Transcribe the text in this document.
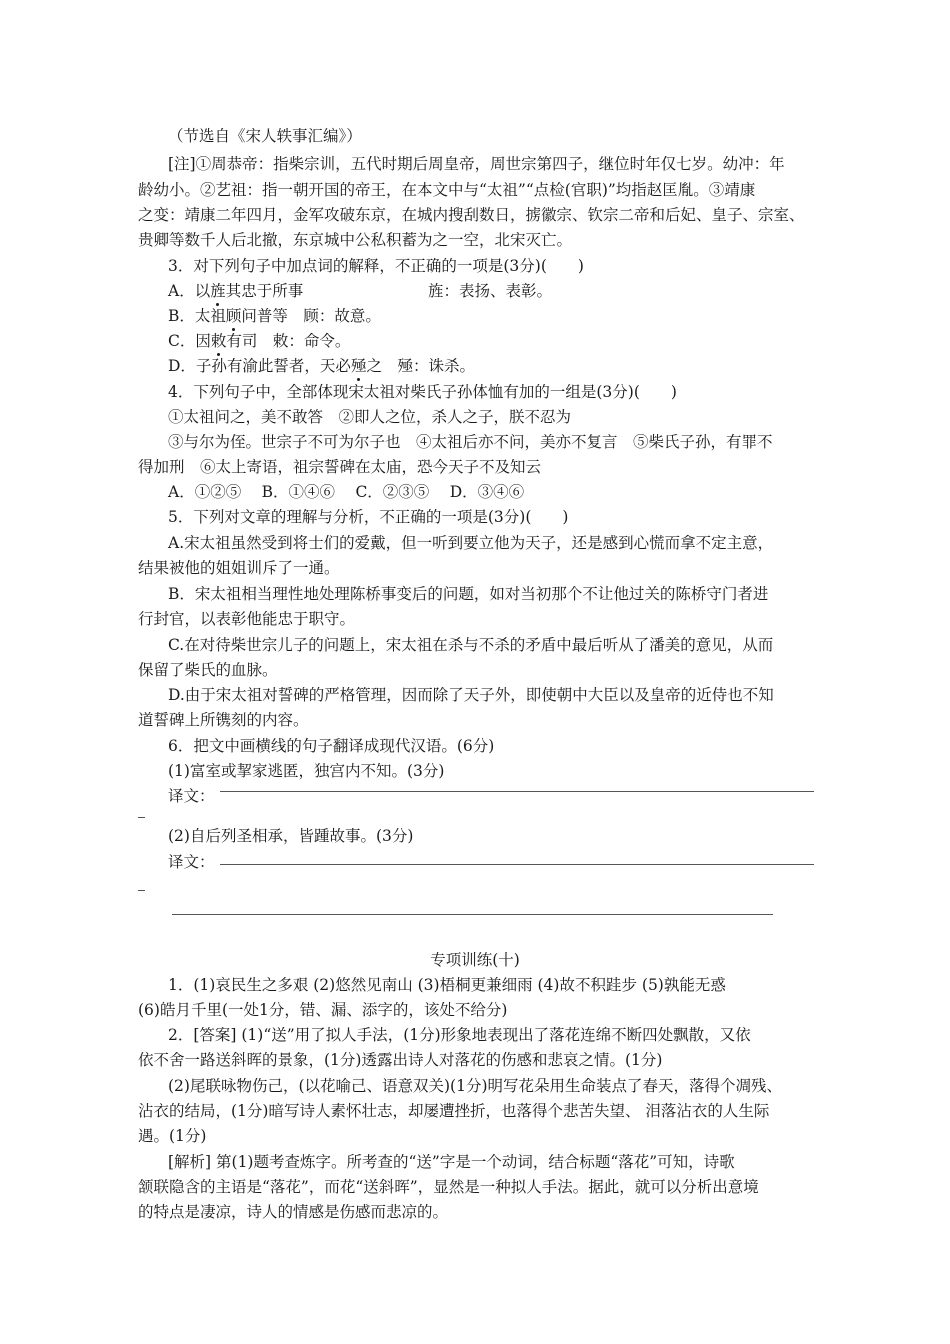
（节选自《宋人轶事汇编》）
[注]①周恭帝：指柴宗训，五代时期后周皇帝，周世宗第四子，继位时年仅七岁。幼冲：年
龄幼小。②艺祖：指一朝开国的帝王，在本文中与“太祖”“点检(官职)”均指赵匡胤。③靖康
之变：靖康二年四月，金军攻破东京，在城内搜刮数日，掳徽宗、钦宗二帝和后妃、皇子、宗室、
贵卿等数千人后北撤，东京城中公私积蓄为之一空，北宋灭亡。
3．对下列句子中加点词的解释，不正确的一项是(3分)(　　)
A．以旌其忠于所事	旌：表扬、表彰。
B．太祖顾问普等　顾：故意。
C．因敕有司　敕：命令。
D．子孙有渝此誓者，天必殛之　殛：诛杀。
4．下列句子中，全部体现宋太祖对柴氏子孙体恤有加的一组是(3分)(　　)
①太祖问之，美不敢答　②即人之位，杀人之子，朕不忍为
③与尔为侄。世宗子不可为尔子也　④太祖后亦不问，美亦不复言　⑤柴氏子孙，有罪不
得加刑　⑥太上寄语，祖宗誓碑在太庙，恐今天子不及知云
A．①②⑤　 B．①④⑥　 C．②③⑤　 D．③④⑥
5．下列对文章的理解与分析，不正确的一项是(3分)(　　)
A.宋太祖虽然受到将士们的爱戴，但一听到要立他为天子，还是感到心慌而拿不定主意，
结果被他的姐姐训斥了一通。
B．宋太祖相当理性地处理陈桥事变后的问题，如对当初那个不让他过关的陈桥守门者进
行封官，以表彰他能忠于职守。
C.在对待柴世宗儿子的问题上，宋太祖在杀与不杀的矛盾中最后听从了潘美的意见，从而
保留了柴氏的血脉。
D.由于宋太祖对誓碑的严格管理，因而除了天子外，即使朝中大臣以及皇帝的近侍也不知
道誓碑上所镌刻的内容。
6．把文中画横线的句子翻译成现代汉语。(6分)
(1)富室或挈家逃匿，独宫内不知。(3分)
译文：
(2)自后列圣相承，皆踵故事。(3分)
译文：
专项训练(十)
1．(1)哀民生之多艰 (2)悠然见南山 (3)梧桐更兼细雨 (4)故不积跬步 (5)孰能无惑
(6)皓月千里(一处1分，错、漏、添字的，该处不给分)
2．[答案] (1)“送”用了拟人手法，(1分)形象地表现出了落花连绵不断四处飘散，又依
依不舍一路送斜晖的景象，(1分)透露出诗人对落花的伤感和悲哀之情。(1分)
(2)尾联咏物伤己，(以花喻己、语意双关)(1分)明写花朵用生命装点了春天，落得个凋残、
沾衣的结局，(1分)暗写诗人素怀壮志，却屡遭挫折，也落得个悲苦失望、 泪落沾衣的人生际
遇。(1分)
[解析] 第(1)题考查炼字。所考查的“送”字是一个动词，结合标题“落花”可知，诗歌
颔联隐含的主语是“落花”，而花“送斜晖”，显然是一种拟人手法。据此，就可以分析出意境
的特点是凄凉，诗人的情感是伤感而悲凉的。
